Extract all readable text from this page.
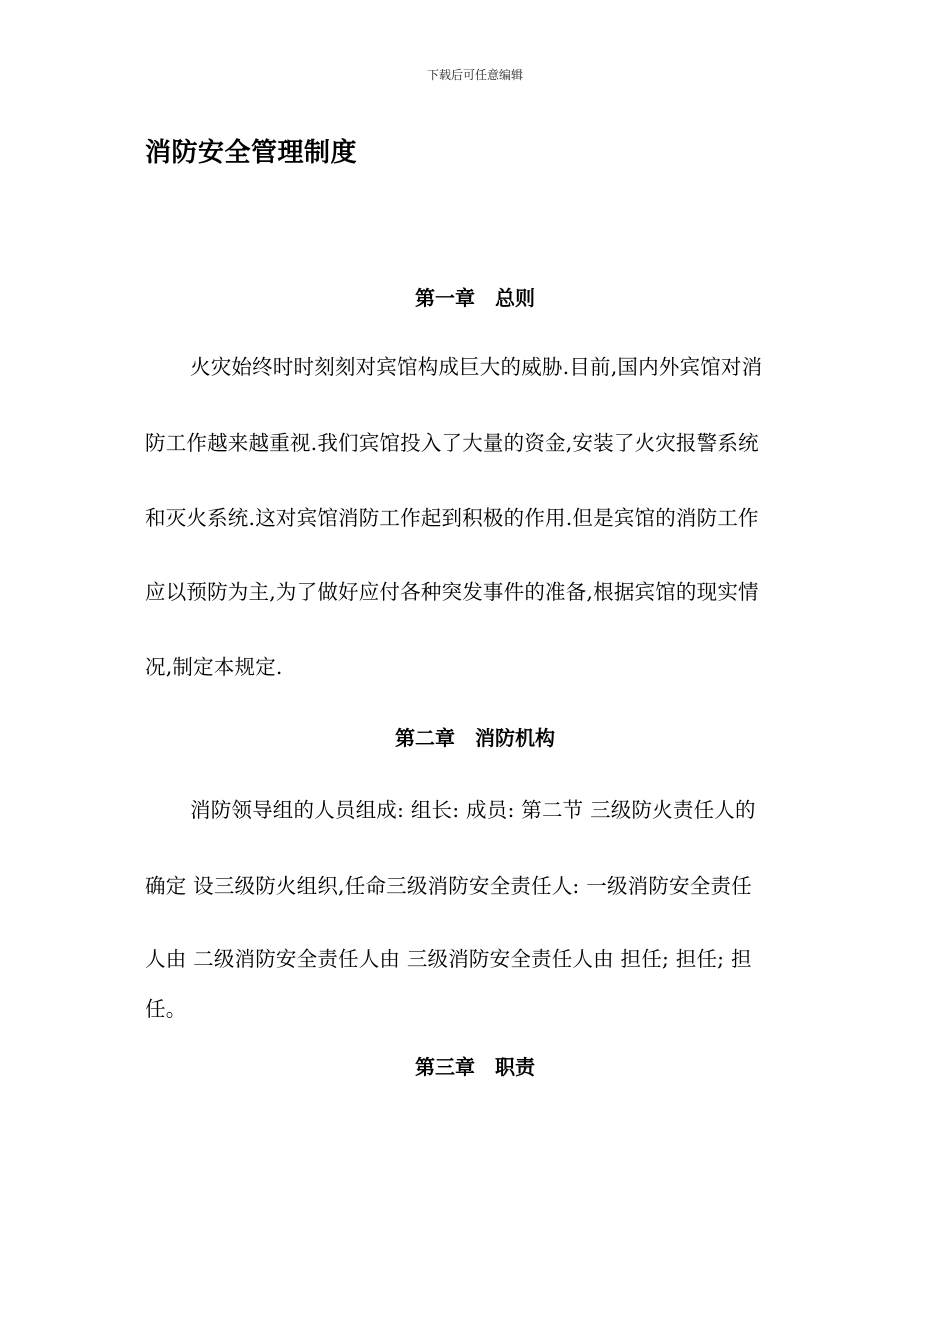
下载后可任意编辑
消防安全管理制度
第一章　总则
火灾始终时时刻刻对宾馆构成巨大的威胁.目前,国内外宾馆对消
防工作越来越重视.我们宾馆投入了大量的资金,安装了火灾报警系统
和灭火系统.这对宾馆消防工作起到积极的作用.但是宾馆的消防工作
应以预防为主,为了做好应付各种突发事件的准备,根据宾馆的现实情
况,制定本规定.
第二章　消防机构
消防领导组的人员组成: 组长: 成员: 第二节 三级防火责任人的
确定 设三级防火组织,任命三级消防安全责任人: 一级消防安全责任
人由 二级消防安全责任人由 三级消防安全责任人由 担任; 担任; 担
任。
第三章　职责
